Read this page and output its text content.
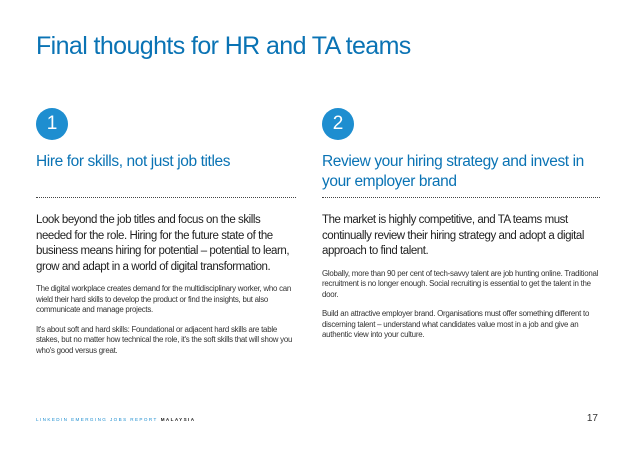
Final thoughts for HR and TA teams
1
Hire for skills, not just job titles
Look beyond the job titles and focus on the skills needed for the role. Hiring for the future state of the business means hiring for potential – potential to learn, grow and adapt in a world of digital transformation.
The digital workplace creates demand for the multidisciplinary worker, who can wield their hard skills to develop the product or find the insights, but also communicate and manage projects.
It's about soft and hard skills: Foundational or adjacent hard skills are table stakes, but no matter how technical the role, it's the soft skills that will show you who's good versus great.
2
Review your hiring strategy and invest in your employer brand
The market is highly competitive, and TA teams must continually review their hiring strategy and adopt a digital approach to find talent.
Globally, more than 90 per cent of tech-savvy talent are job hunting online. Traditional recruitment is no longer enough. Social recruiting is essential to get the talent in the door.
Build an attractive employer brand. Organisations must offer something different to discerning talent – understand what candidates value most in a job and give an authentic view into your culture.
LINKEDIN EMERGING JOBS REPORT MALAYSIA	17
